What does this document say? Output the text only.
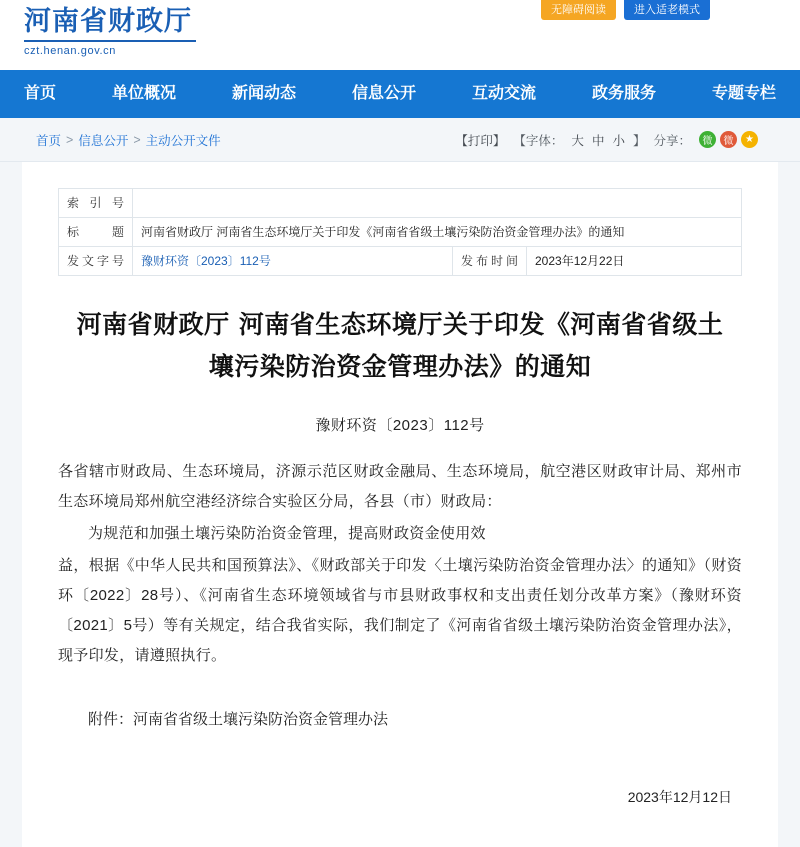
河南省财政厅
czt.henan.gov.cn
无障碍阅读	进入适老模式
首页	单位概况	新闻动态	信息公开	互动交流	政务服务	专题专栏
首页 > 信息公开 > 主动公开文件	【打印】 【字体： 大 中 小 】 分享：	微	微	★
索 引 号			
标　　题	河南省财政厅 河南省生态环境厅关于印发《河南省省级土壤污染防治资金管理办法》的通知		
发文字号	豫财环资〔2023〕112号	发布时间	2023年12月22日
河南省财政厅 河南省生态环境厅关于印发《河南省省级土壤污染防治资金管理办法》的通知
豫财环资〔2023〕112号

各省辖市财政局、生态环境局，济源示范区财政金融局、生态环境局，航空港区财政审计局、郑州市生态环境局郑州航空港经济综合实验区分局，各县（市）财政局：

为规范和加强土壤污染防治资金管理，提高财政资金使用效

益，根据《中华人民共和国预算法》、《财政部关于印发〈土壤污染防治资金管理办法〉的通知》（财资环〔2022〕28号）、《河南省生态环境领域省与市县财政事权和支出责任划分改革方案》（豫财环资〔2021〕5号）等有关规定，结合我省实际，我们制定了《河南省省级土壤污染防治资金管理办法》，现予印发，请遵照执行。

附件：河南省省级土壤污染防治资金管理办法
2023年12月12日
